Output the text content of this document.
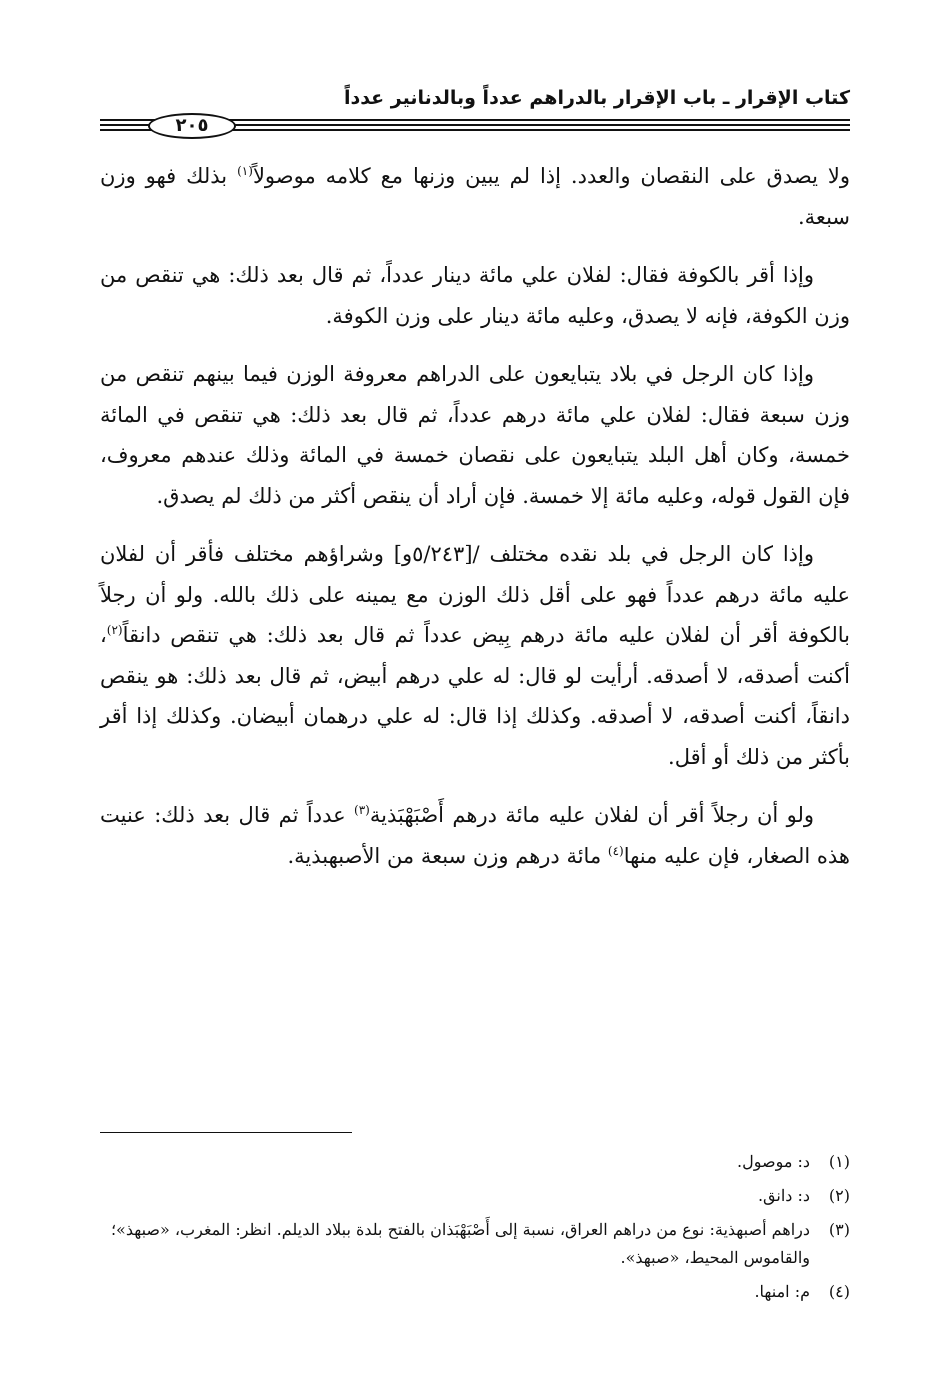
كتاب الإقرار ـ باب الإقرار بالدراهم عدداً وبالدنانير عدداً
٢٠٥

ولا يصدق على النقصان والعدد. إذا لم يبين وزنها مع كلامه موصولاً$^{(١)}$ بذلك فهو وزن سبعة.

وإذا أقر بالكوفة فقال: لفلان علي مائة دينار عدداً، ثم قال بعد ذلك: هي تنقص من وزن الكوفة، فإنه لا يصدق، وعليه مائة دينار على وزن الكوفة.

وإذا كان الرجل في بلاد يتبايعون على الدراهم معروفة الوزن فيما بينهم تنقص من وزن سبعة فقال: لفلان علي مائة درهم عدداً، ثم قال بعد ذلك: هي تنقص في المائة خمسة، وكان أهل البلد يتبايعون على نقصان خمسة في المائة وذلك عندهم معروف، فإن القول قوله، وعليه مائة إلا خمسة. فإن أراد أن ينقص أكثر من ذلك لم يصدق.

وإذا كان الرجل في بلد نقده مختلف /[٥/٢٤٣و] وشراؤهم مختلف فأقر أن لفلان عليه مائة درهم عدداً فهو على أقل ذلك الوزن مع يمينه على ذلك بالله. ولو أن رجلاً بالكوفة أقر أن لفلان عليه مائة درهم بِيض عدداً ثم قال بعد ذلك: هي تنقص دانقاً$^{(٢)}$، أكنت أصدقه، لا أصدقه. أرأيت لو قال: له علي درهم أبيض، ثم قال بعد ذلك: هو ينقص دانقاً، أكنت أصدقه، لا أصدقه. وكذلك إذا قال: له علي درهمان أبيضان. وكذلك إذا أقر بأكثر من ذلك أو أقل.

ولو أن رجلاً أقر أن لفلان عليه مائة درهم أَصْبَهْبَذية$^{(٣)}$ عدداً ثم قال بعد ذلك: عنيت هذه الصغار، فإن عليه منها$^{(٤)}$ مائة درهم وزن سبعة من الأصبهبذية.

(١)
د: موصول.
(٢)
د: دانق.
(٣)
دراهم أصبهذية: نوع من دراهم العراق، نسبة إلى أَصْبَهْبَذان بالفتح بلدة ببلاد الديلم. انظر: المغرب، «صبهذ»؛ والقاموس المحيط، «صبهذ».
(٤)
م: امنها.
